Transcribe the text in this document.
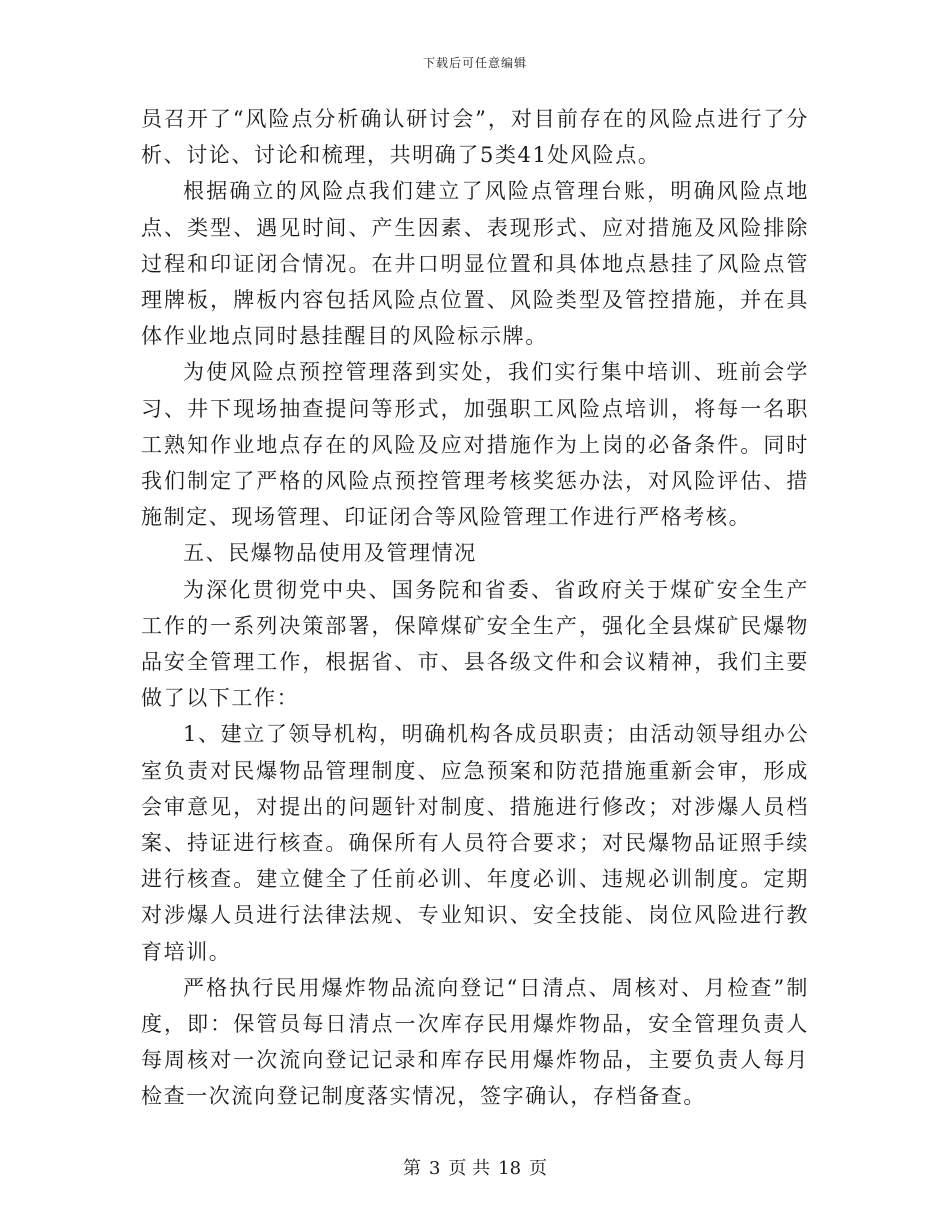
下载后可任意编辑

员召开了“风险点分析确认研讨会”，对目前存在的风险点进行了分析、讨论、讨论和梳理，共明确了5类41处风险点。

根据确立的风险点我们建立了风险点管理台账，明确风险点地点、类型、遇见时间、产生因素、表现形式、应对措施及风险排除过程和印证闭合情况。在井口明显位置和具体地点悬挂了风险点管理牌板，牌板内容包括风险点位置、风险类型及管控措施，并在具体作业地点同时悬挂醒目的风险标示牌。

为使风险点预控管理落到实处，我们实行集中培训、班前会学习、井下现场抽查提问等形式，加强职工风险点培训，将每一名职工熟知作业地点存在的风险及应对措施作为上岗的必备条件。同时我们制定了严格的风险点预控管理考核奖惩办法，对风险评估、措施制定、现场管理、印证闭合等风险管理工作进行严格考核。

五、民爆物品使用及管理情况

为深化贯彻党中央、国务院和省委、省政府关于煤矿安全生产工作的一系列决策部署，保障煤矿安全生产，强化全县煤矿民爆物品安全管理工作，根据省、市、县各级文件和会议精神，我们主要做了以下工作：

1、建立了领导机构，明确机构各成员职责；由活动领导组办公室负责对民爆物品管理制度、应急预案和防范措施重新会审，形成会审意见，对提出的问题针对制度、措施进行修改；对涉爆人员档案、持证进行核查。确保所有人员符合要求；对民爆物品证照手续进行核查。建立健全了任前必训、年度必训、违规必训制度。定期对涉爆人员进行法律法规、专业知识、安全技能、岗位风险进行教育培训。

严格执行民用爆炸物品流向登记“日清点、周核对、月检查”制度，即：保管员每日清点一次库存民用爆炸物品，安全管理负责人每周核对一次流向登记记录和库存民用爆炸物品，主要负责人每月检查一次流向登记制度落实情况，签字确认，存档备查。

第 3 页 共 18 页
